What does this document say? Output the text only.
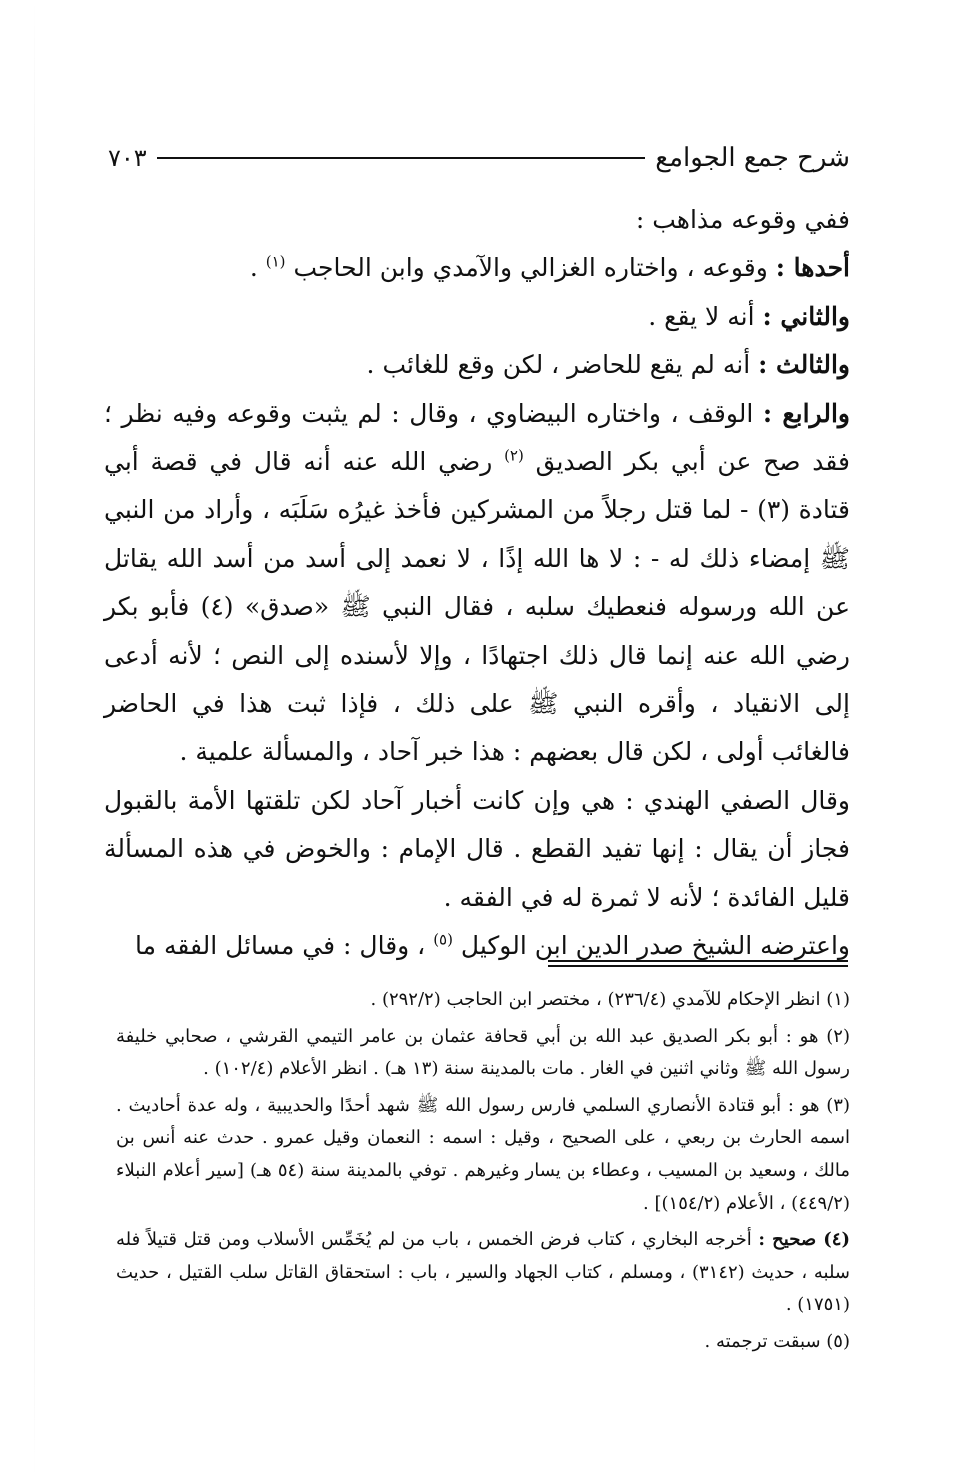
شرح جمع الجوامع
٧٠٣

ففي وقوعه مذاهب :

أحدها : وقوعه ، واختاره الغزالي والآمدي وابن الحاجب $^{(١)}$ .

والثاني : أنه لا يقع .

والثالث : أنه لم يقع للحاضر ، لكن وقع للغائب .

والرابع : الوقف ، واختاره البيضاوي ، وقال : لم يثبت وقوعه وفيه نظر ؛ فقد صح عن أبي بكر الصديق $^{(٢)}$ رضي الله عنه أنه قال في قصة أبي قتادة (٣) - لما قتل رجلاً من المشركين فأخذ غيرُه سَلَبَه ، وأراد من النبي ﷺ إمضاء ذلك له - : لا ها الله إذًا ، لا نعمد إلى أسد من أسد الله يقاتل عن الله ورسوله فنعطيك سلبه ، فقال النبي ﷺ «صدق» (٤) فأبو بكر رضي الله عنه إنما قال ذلك اجتهادًا ، وإلا لأسنده إلى النص ؛ لأنه أدعى إلى الانقياد ، وأقره النبي ﷺ على ذلك ، فإذا ثبت هذا في الحاضر فالغائب أولى ، لكن قال بعضهم : هذا خبر آحاد ، والمسألة علمية .

وقال الصفي الهندي : هي وإن كانت أخبار آحاد لكن تلقتها الأمة بالقبول فجاز أن يقال : إنها تفيد القطع . قال الإمام : والخوض في هذه المسألة قليل الفائدة ؛ لأنه لا ثمرة له في الفقه .

واعترضه الشيخ صدر الدين ابن الوكيل $^{(٥)}$ ، وقال : في مسائل الفقه ما

(١) انظر الإحكام للآمدي (٢٣٦/٤) ، مختصر ابن الحاجب (٢٩٢/٢) .

(٢) هو : أبو بكر الصديق عبد الله بن أبي قحافة عثمان بن عامر التيمي القرشي ، صحابي خليفة رسول الله ﷺ وثاني اثنين في الغار . مات بالمدينة سنة (١٣ هـ) . انظر الأعلام (١٠٢/٤) .

(٣) هو : أبو قتادة الأنصاري السلمي فارس رسول الله ﷺ شهد أحدًا والحديبية ، وله عدة أحاديث . اسمه الحارث بن ربعي ، على الصحيح ، وقيل : اسمه : النعمان وقيل عمرو . حدث عنه أنس بن مالك ، وسعيد بن المسيب ، وعطاء بن يسار وغيرهم . توفي بالمدينة سنة (٥٤ هـ) [سير أعلام النبلاء (٤٤٩/٢) ، الأعلام (١٥٤/٢)] .

(٤) صحيح : أخرجه البخاري ، كتاب فرض الخمس ، باب من لم يُخَمِّس الأسلاب ومن قتل قتيلاً فله سلبه ، حديث (٣١٤٢) ، ومسلم ، كتاب الجهاد والسير ، باب : استحقاق القاتل سلب القتيل ، حديث (١٧٥١) .

(٥) سبقت ترجمته .
